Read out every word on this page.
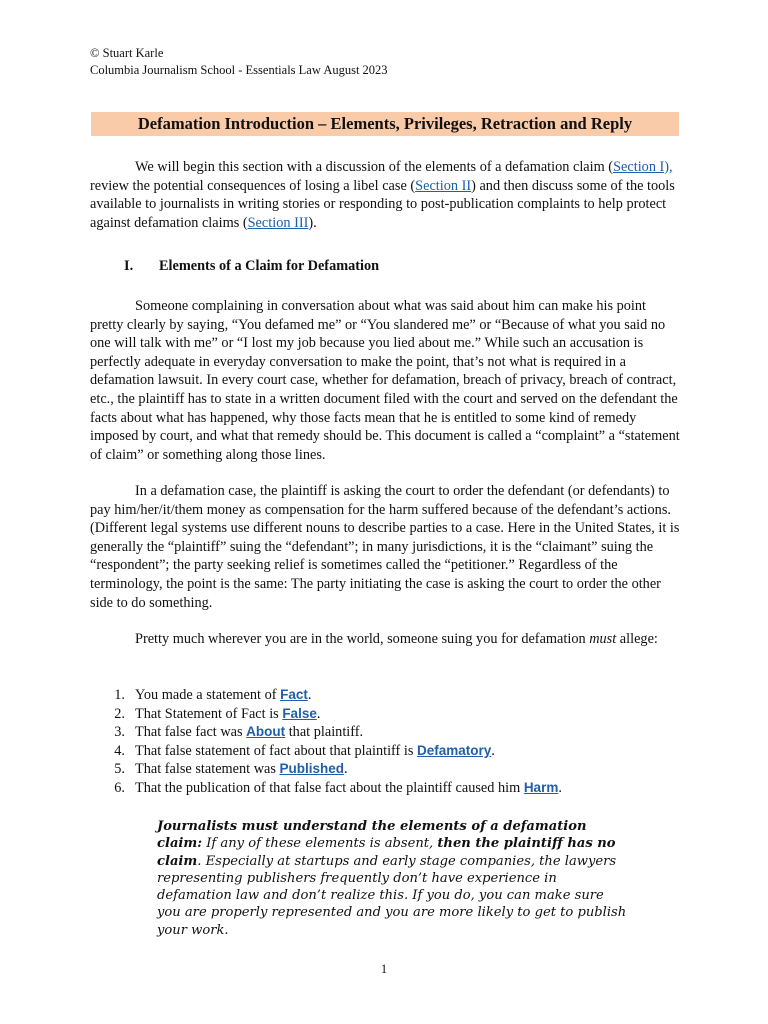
© Stuart Karle
Columbia Journalism School - Essentials Law August 2023
Defamation Introduction – Elements, Privileges, Retraction and Reply
We will begin this section with a discussion of the elements of a defamation claim (Section I), review the potential consequences of losing a libel case (Section II) and then discuss some of the tools available to journalists in writing stories or responding to post-publication complaints to help protect against defamation claims (Section III).
I. Elements of a Claim for Defamation
Someone complaining in conversation about what was said about him can make his point pretty clearly by saying, “You defamed me” or “You slandered me” or “Because of what you said no one will talk with me” or “I lost my job because you lied about me.” While such an accusation is perfectly adequate in everyday conversation to make the point, that’s not what is required in a defamation lawsuit. In every court case, whether for defamation, breach of privacy, breach of contract, etc., the plaintiff has to state in a written document filed with the court and served on the defendant the facts about what has happened, why those facts mean that he is entitled to some kind of remedy imposed by court, and what that remedy should be. This document is called a “complaint” a “statement of claim” or something along those lines.
In a defamation case, the plaintiff is asking the court to order the defendant (or defendants) to pay him/her/it/them money as compensation for the harm suffered because of the defendant’s actions. (Different legal systems use different nouns to describe parties to a case. Here in the United States, it is generally the “plaintiff” suing the “defendant”; in many jurisdictions, it is the “claimant” suing the “respondent”; the party seeking relief is sometimes called the “petitioner.” Regardless of the terminology, the point is the same: The party initiating the case is asking the court to order the other side to do something.
Pretty much wherever you are in the world, someone suing you for defamation must allege:
1. You made a statement of Fact.
2. That Statement of Fact is False.
3. That false fact was About that plaintiff.
4. That false statement of fact about that plaintiff is Defamatory.
5. That false statement was Published.
6. That the publication of that false fact about the plaintiff caused him Harm.
Journalists must understand the elements of a defamation claim: If any of these elements is absent, then the plaintiff has no claim. Especially at startups and early stage companies, the lawyers representing publishers frequently don’t have experience in defamation law and don’t realize this. If you do, you can make sure you are properly represented and you are more likely to get to publish your work.
1
